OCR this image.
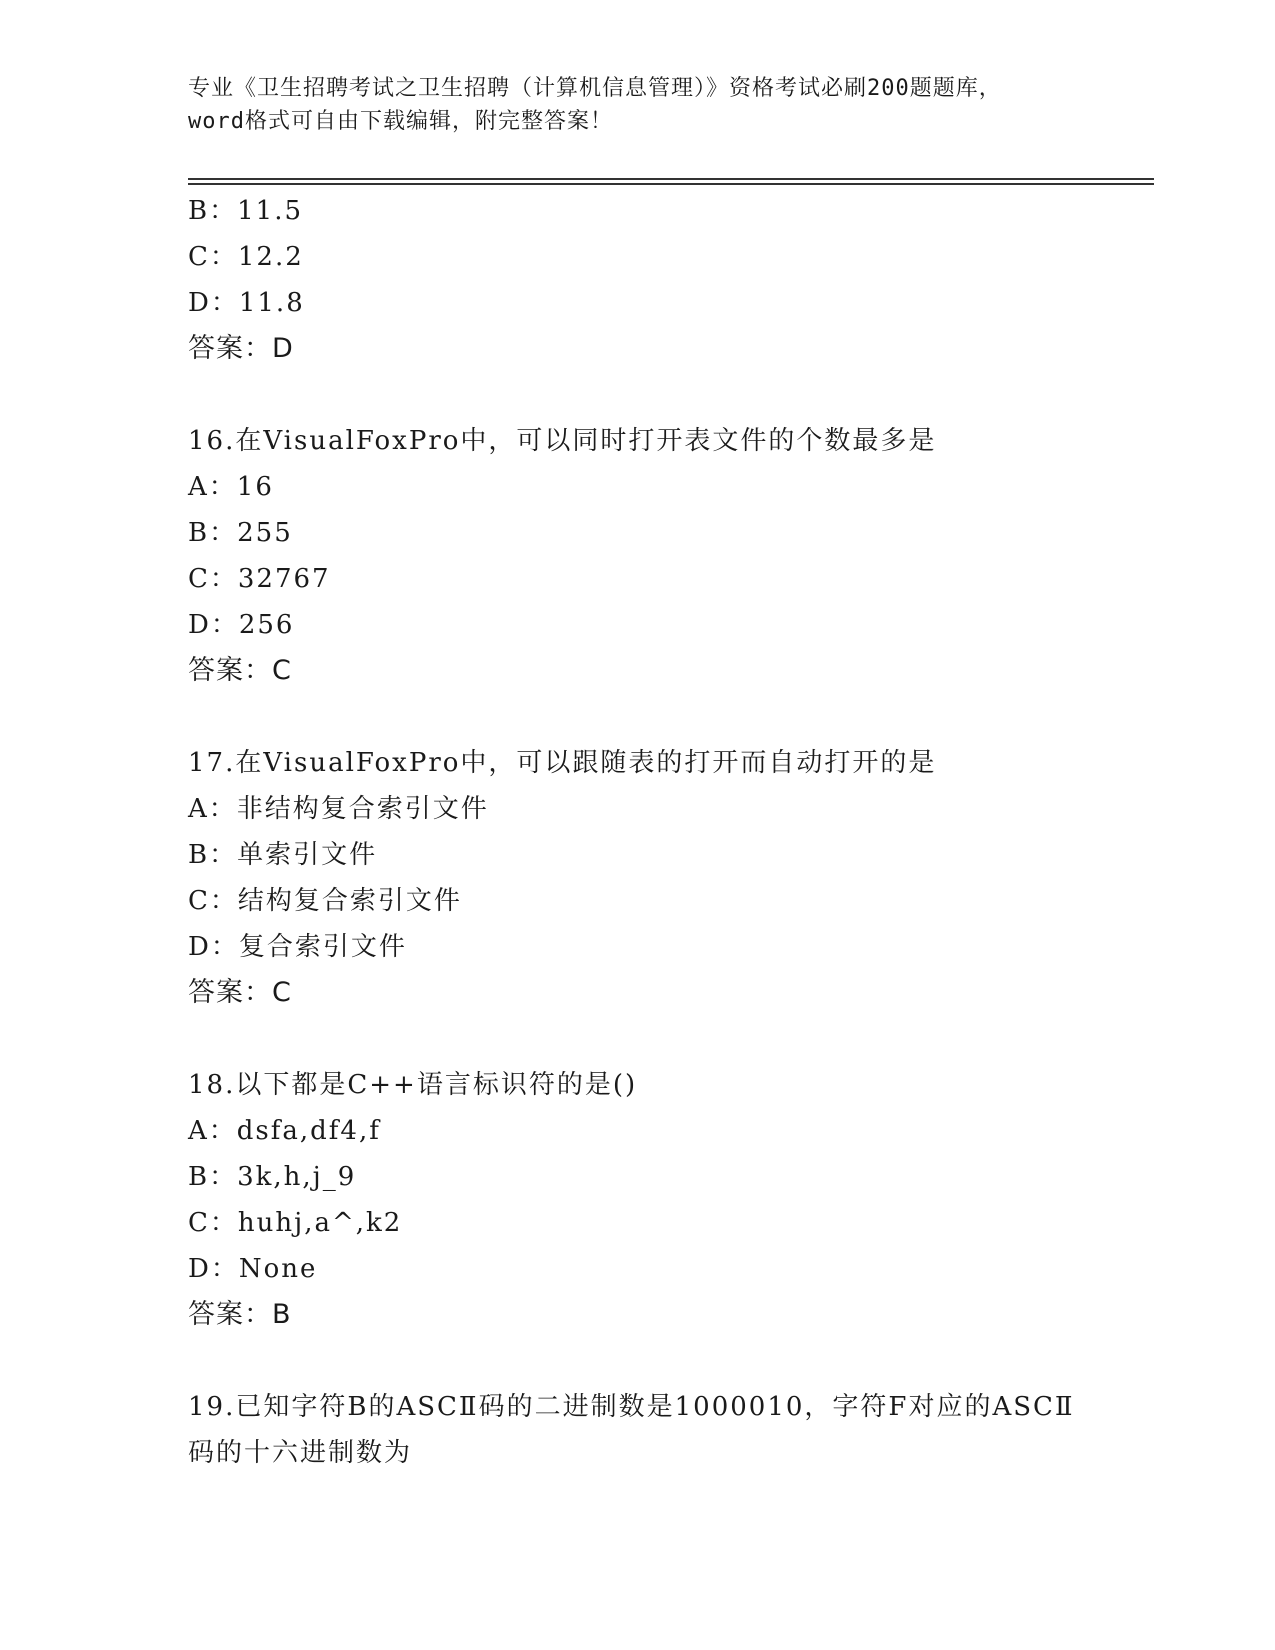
专业《卫生招聘考试之卫生招聘（计算机信息管理）》资格考试必刷200题题库，
word格式可自由下载编辑，附完整答案！
B：11.5
C：12.2
D：11.8
答案：D
16.在VisualFoxPro中，可以同时打开表文件的个数最多是
A：16
B：255
C：32767
D：256
答案：C
17.在VisualFoxPro中，可以跟随表的打开而自动打开的是
A：非结构复合索引文件
B：单索引文件
C：结构复合索引文件
D：复合索引文件
答案：C
18.以下都是C++语言标识符的是()
A：dsfa,df4,f
B：3k,h,j_9
C：huhj,a^,k2
D：None
答案：B
19.已知字符B的ASCⅡ码的二进制数是1000010，字符F对应的ASCⅡ码的十六进制数为
